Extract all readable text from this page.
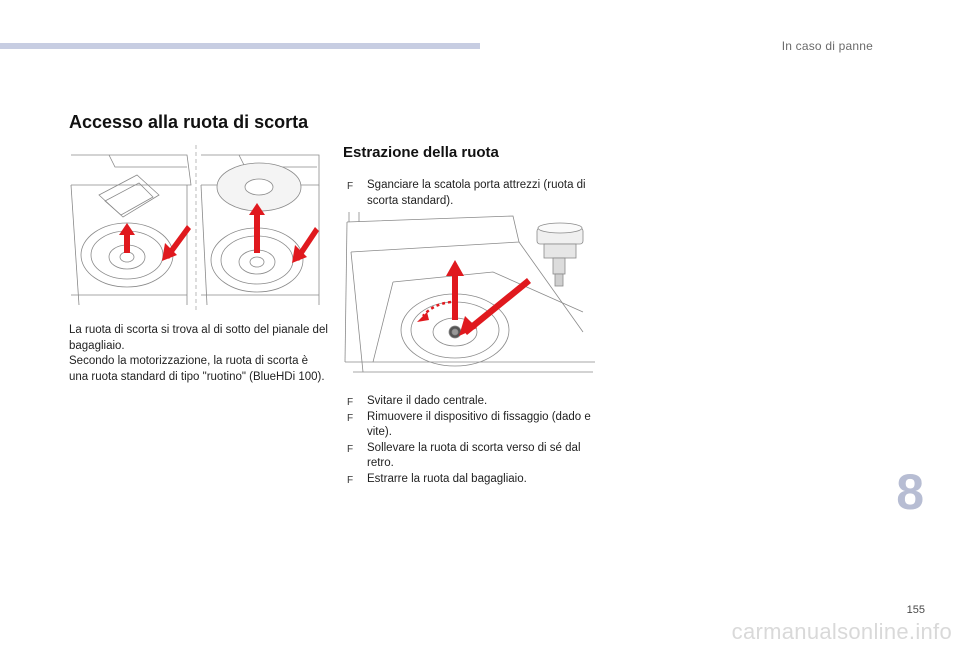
In caso di panne
Accesso alla ruota di scorta

La ruota di scorta si trova al di sotto del pianale del bagagliaio.

Secondo la motorizzazione, la ruota di scorta è una ruota standard di tipo "ruotino" (BlueHDi 100).

Estrazione della ruota
F Sganciare la scatola porta attrezzi (ruota di scorta standard).
F Svitare il dado centrale.
F Rimuovere il dispositivo di fissaggio (dado e vite).
F Sollevare la ruota di scorta verso di sé dal retro.
F Estrarre la ruota dal bagagliaio.	8
155
carmanualsonline.info
